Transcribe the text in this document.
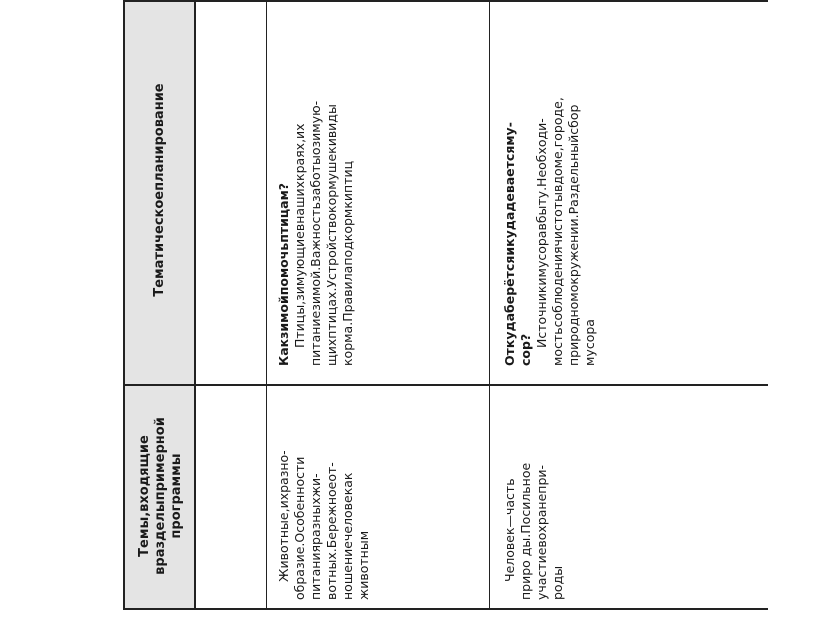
Темы,входящие вразделыпримерной программы
Тематическоепланирование
Животные,ихразно- образие.Особенности питанияразныхжи- вотных.Бережноеот- ношениечеловекак животным
Какзимойпомочьптицам? Птицы,зимующиевнашихкраях,их питаниезимой.Важностьзаботыозимую- щихптицах.Устройствокормушекивиды корма.Правилаподкормкиптиц
Человек—часть приро ды.Посильное участиевохранепри- роды
Откудаберётсяикудадеваетсяму- сор?
Источникимусоравбыту.Необходи- мостьсоблюдениячистотывдоме,городе, природномокружении.Раздельныйсбор мусора
